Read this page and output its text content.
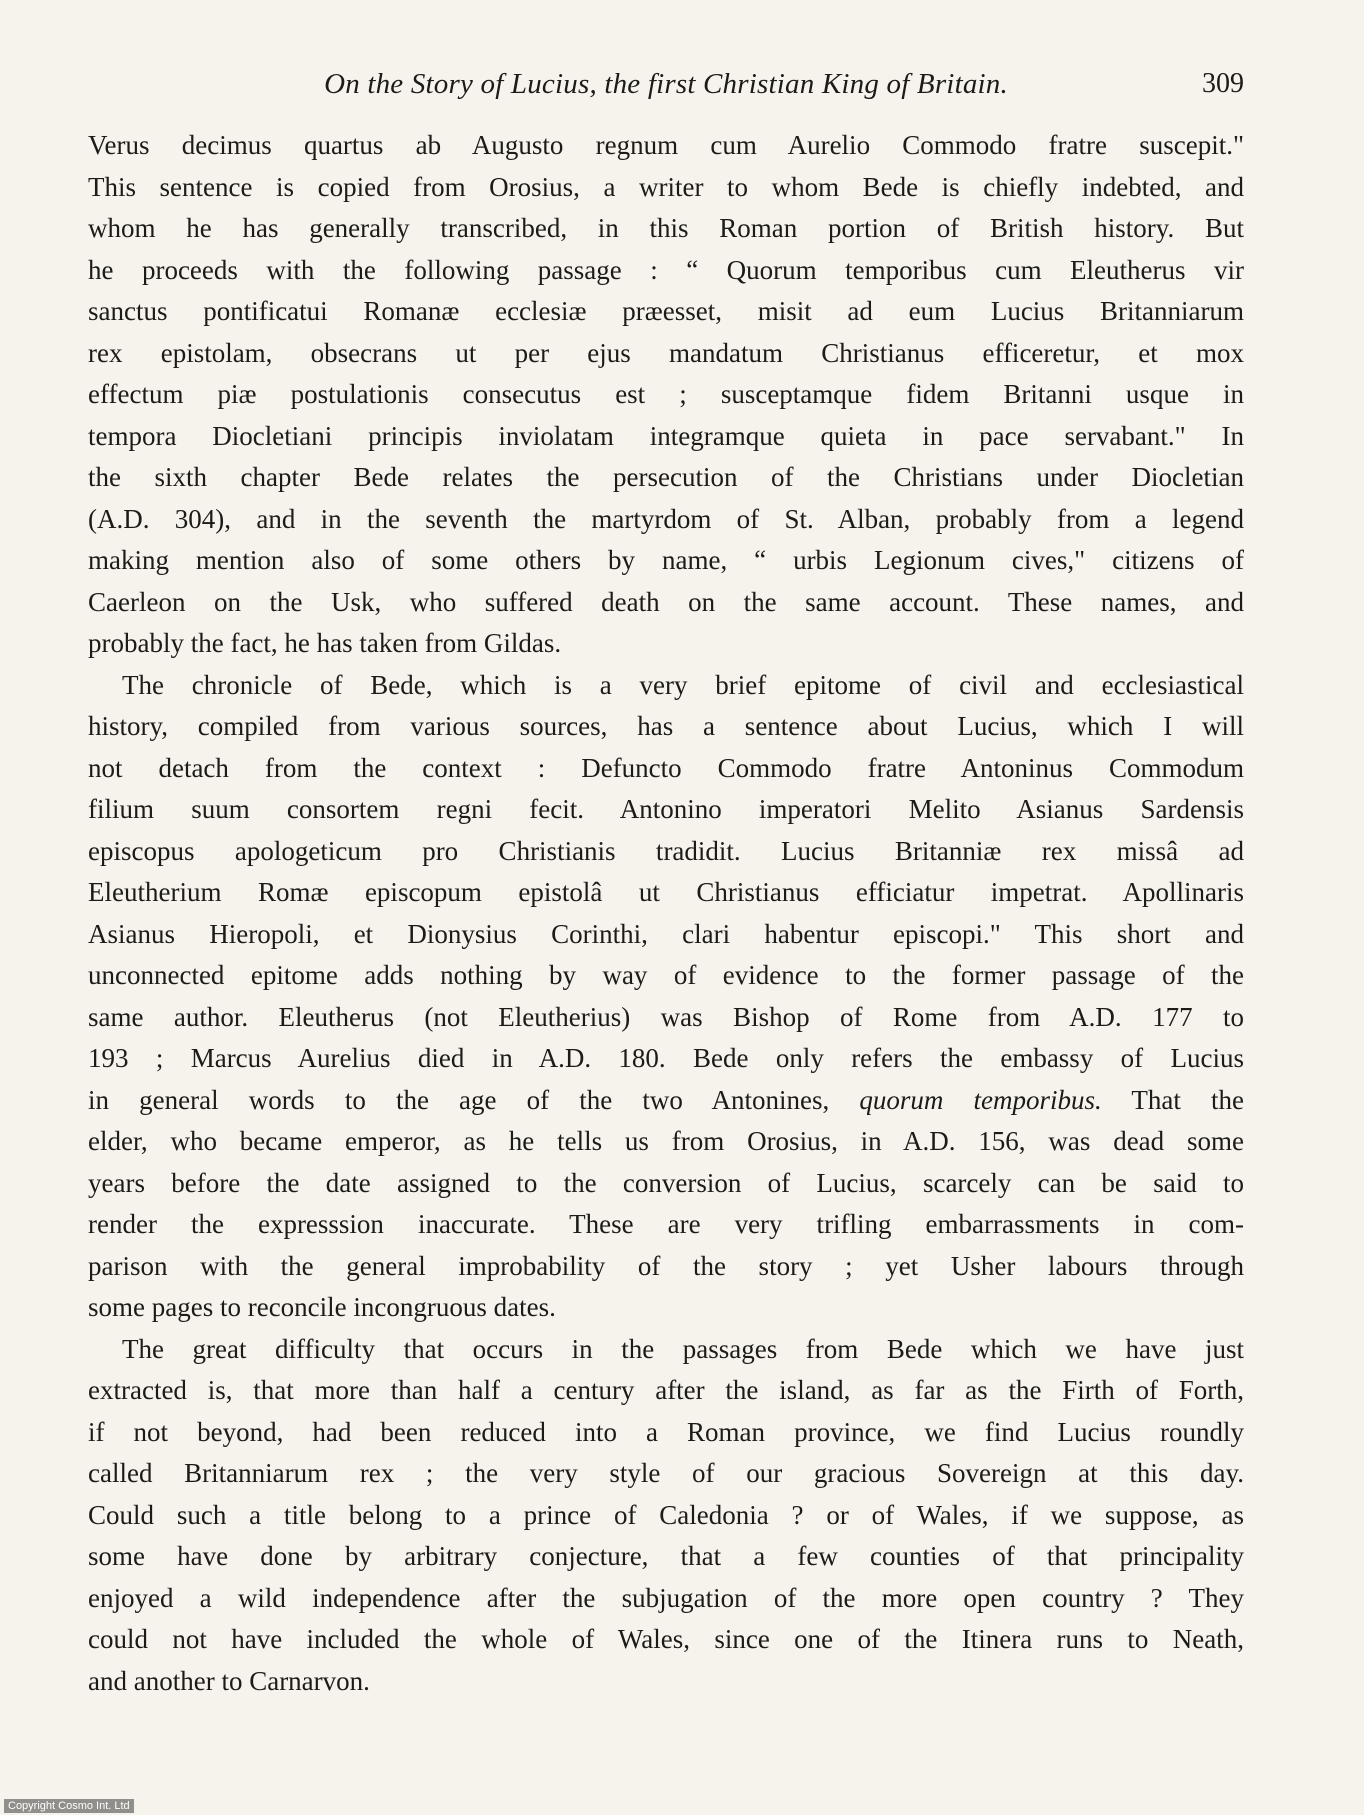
On the Story of Lucius, the first Christian King of Britain.	309
Verus decimus quartus ab Augusto regnum cum Aurelio Commodo fratre suscepit."
This sentence is copied from Orosius, a writer to whom Bede is chiefly indebted, and
whom he has generally transcribed, in this Roman portion of British history. But
he proceeds with the following passage : “ Quorum temporibus cum Eleutherus vir
sanctus pontificatui Romanæ ecclesiæ præesset, misit ad eum Lucius Britanniarum
rex epistolam, obsecrans ut per ejus mandatum Christianus efficeretur, et mox
effectum piæ postulationis consecutus est ; susceptamque fidem Britanni usque in
tempora Diocletiani principis inviolatam integramque quieta in pace servabant." In
the sixth chapter Bede relates the persecution of the Christians under Diocletian
(A.D. 304), and in the seventh the martyrdom of St. Alban, probably from a legend
making mention also of some others by name, “ urbis Legionum cives," citizens of
Caerleon on the Usk, who suffered death on the same account. These names, and
probably the fact, he has taken from Gildas.
The chronicle of Bede, which is a very brief epitome of civil and ecclesiastical
history, compiled from various sources, has a sentence about Lucius, which I will
not detach from the context : Defuncto Commodo fratre Antoninus Commodum
filium suum consortem regni fecit. Antonino imperatori Melito Asianus Sardensis
episcopus apologeticum pro Christianis tradidit. Lucius Britanniæ rex missâ ad
Eleutherium Romæ episcopum epistolâ ut Christianus efficiatur impetrat. Apollinaris
Asianus Hieropoli, et Dionysius Corinthi, clari habentur episcopi." This short and
unconnected epitome adds nothing by way of evidence to the former passage of the
same author. Eleutherus (not Eleutherius) was Bishop of Rome from A.D. 177 to
193 ; Marcus Aurelius died in A.D. 180. Bede only refers the embassy of Lucius
in general words to the age of the two Antonines, quorum temporibus. That the
elder, who became emperor, as he tells us from Orosius, in A.D. 156, was dead some
years before the date assigned to the conversion of Lucius, scarcely can be said to
render the expresssion inaccurate. These are very trifling embarrassments in com-
parison with the general improbability of the story ; yet Usher labours through
some pages to reconcile incongruous dates.
The great difficulty that occurs in the passages from Bede which we have just
extracted is, that more than half a century after the island, as far as the Firth of Forth,
if not beyond, had been reduced into a Roman province, we find Lucius roundly
called Britanniarum rex ; the very style of our gracious Sovereign at this day.
Could such a title belong to a prince of Caledonia ? or of Wales, if we suppose, as
some have done by arbitrary conjecture, that a few counties of that principality
enjoyed a wild independence after the subjugation of the more open country ? They
could not have included the whole of Wales, since one of the Itinera runs to Neath,
and another to Carnarvon.
Copyright Cosmo Int. Ltd
